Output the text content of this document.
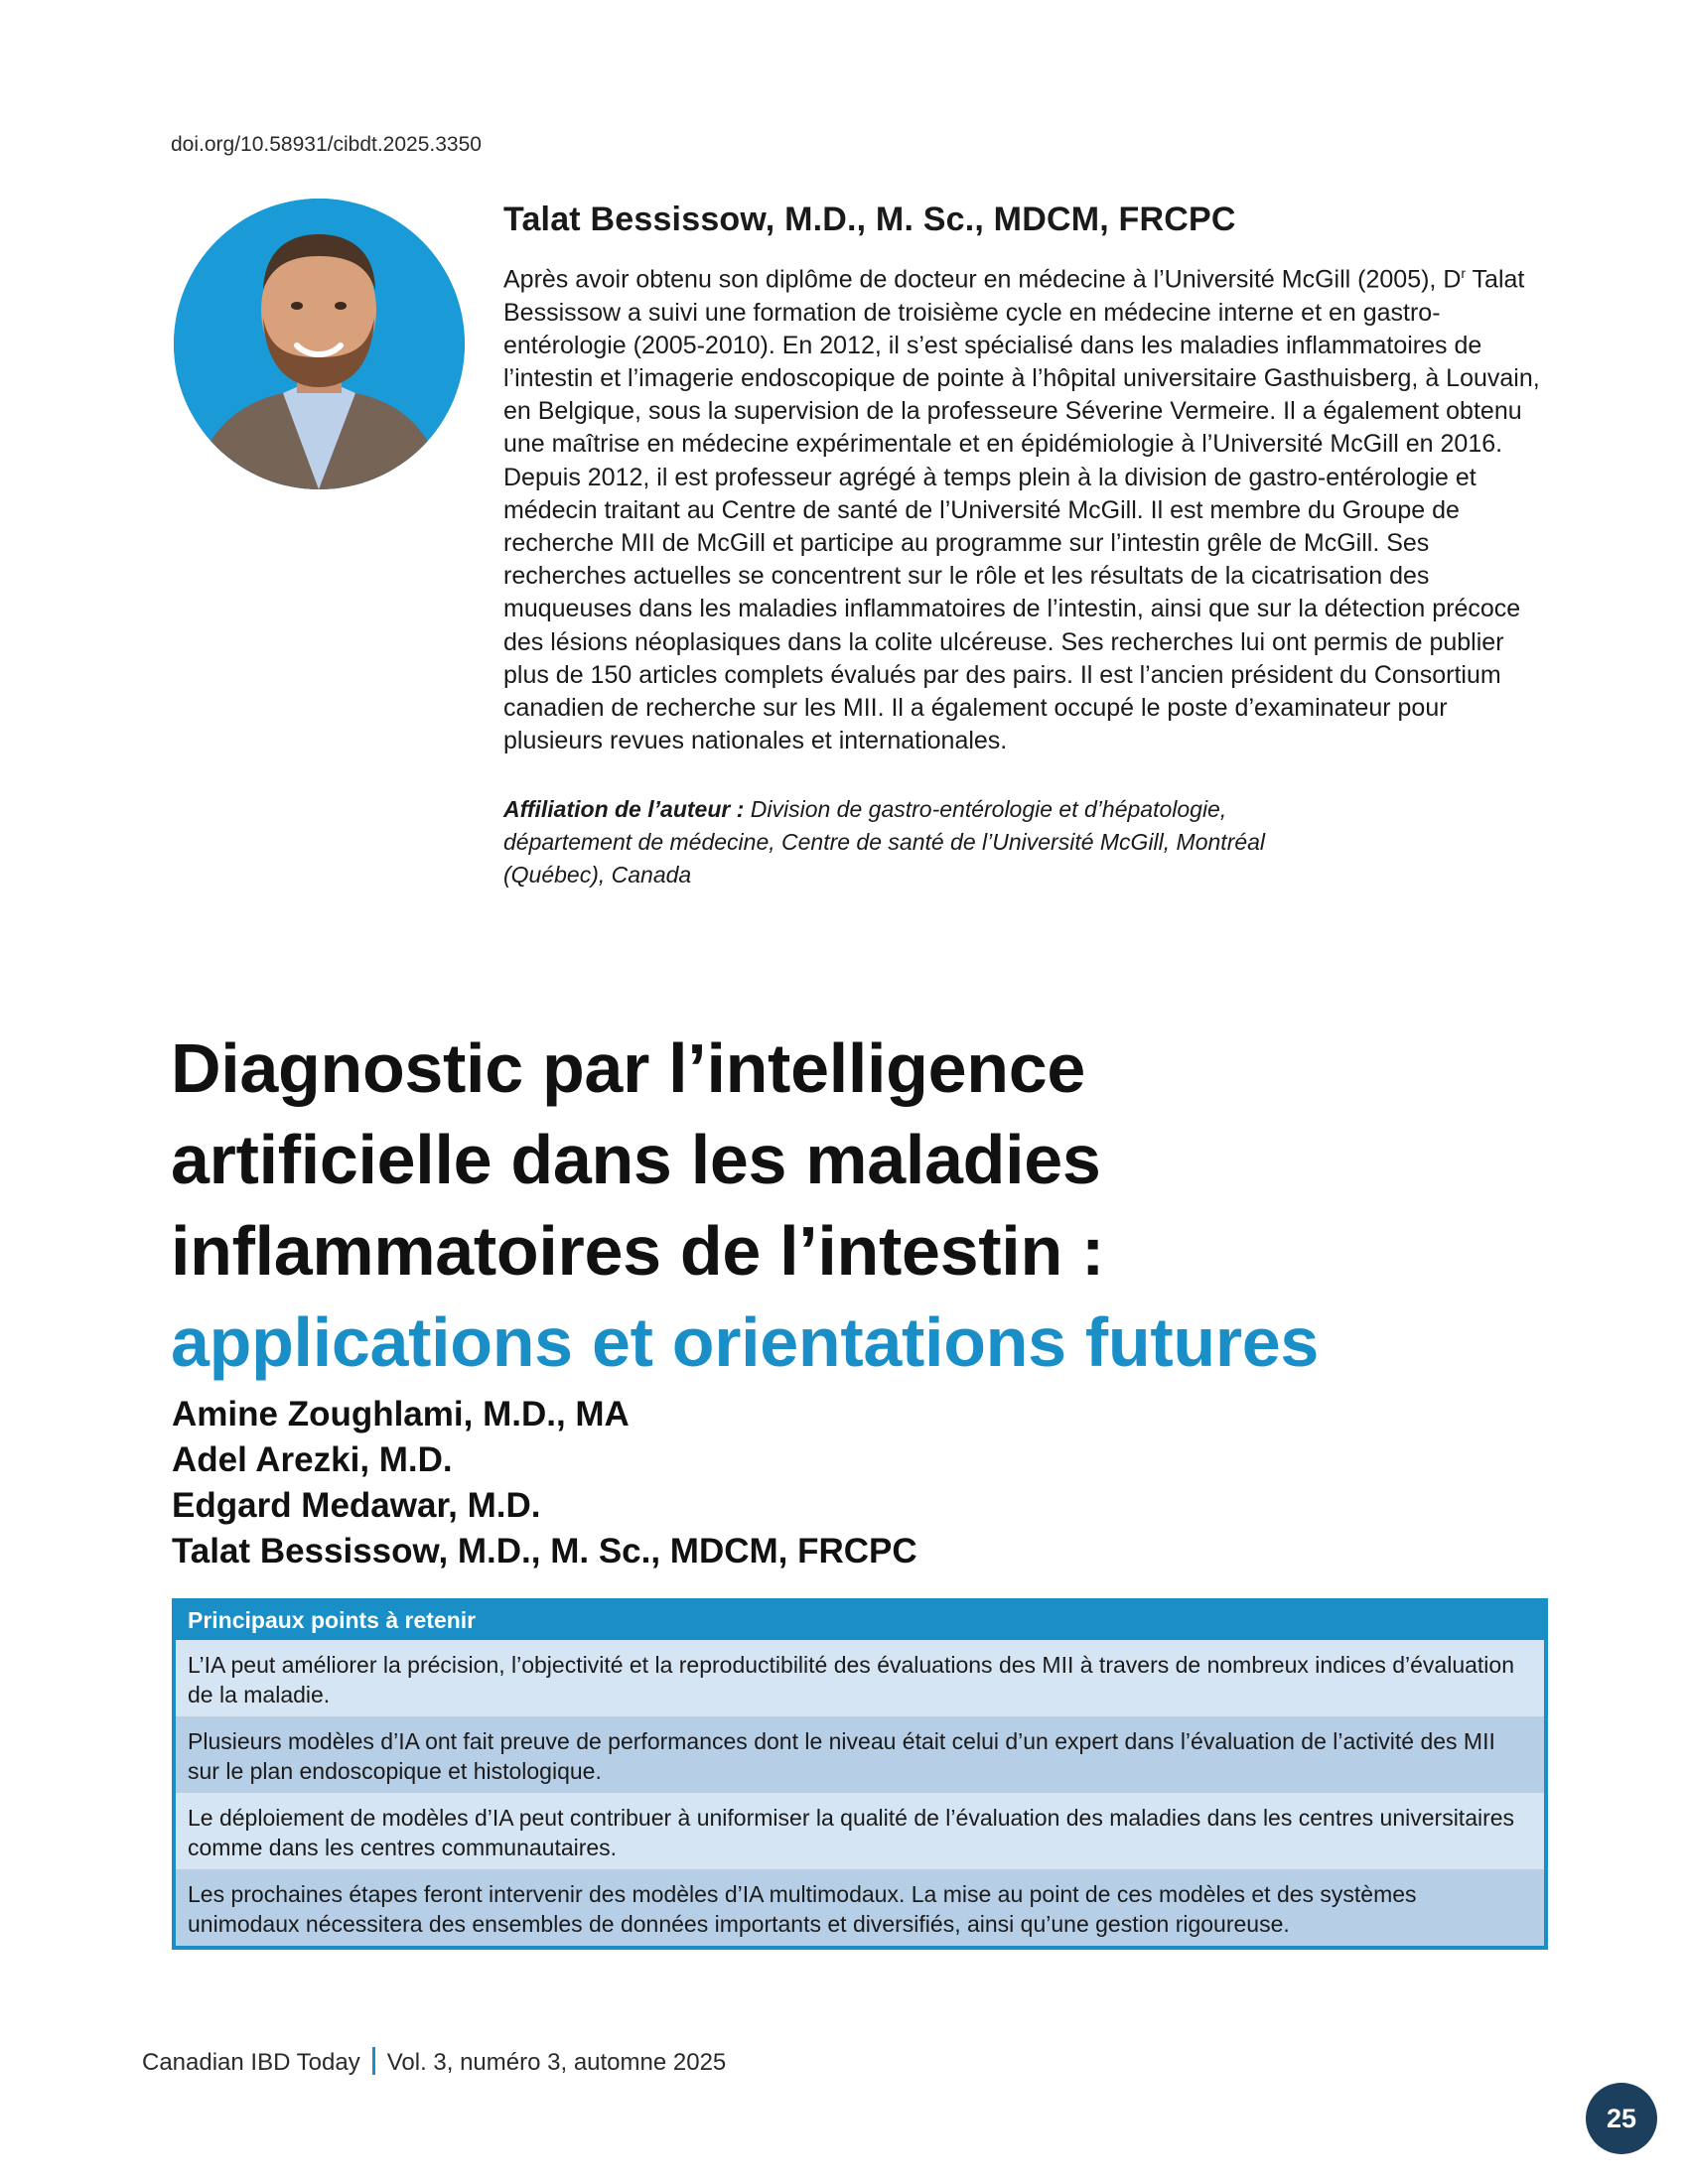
doi.org/10.58931/cibdt.2025.3350
Talat Bessissow, M.D., M. Sc., MDCM, FRCPC

Après avoir obtenu son diplôme de docteur en médecine à l’Université McGill (2005), $D^r$ Talat Bessissow a suivi une formation de troisième cycle en médecine interne et en gastro-entérologie (2005-2010). En 2012, il s’est spécialisé dans les maladies inflammatoires de l’intestin et l’imagerie endoscopique de pointe à l’hôpital universitaire Gasthuisberg, à Louvain, en Belgique, sous la supervision de la professeure Séverine Vermeire. Il a également obtenu une maîtrise en médecine expérimentale et en épidémiologie à l’Université McGill en 2016. Depuis 2012, il est professeur agrégé à temps plein à la division de gastro-entérologie et médecin traitant au Centre de santé de l’Université McGill. Il est membre du Groupe de recherche MII de McGill et participe au programme sur l’intestin grêle de McGill. Ses recherches actuelles se concentrent sur le rôle et les résultats de la cicatrisation des muqueuses dans les maladies inflammatoires de l’intestin, ainsi que sur la détection précoce des lésions néoplasiques dans la colite ulcéreuse. Ses recherches lui ont permis de publier plus de 150 articles complets évalués par des pairs. Il est l’ancien président du Consortium canadien de recherche sur les MII. Il a également occupé le poste d’examinateur pour plusieurs revues nationales et internationales.

Affiliation de l’auteur : Division de gastro-entérologie et d’hépatologie, département de médecine, Centre de santé de l’Université McGill, Montréal (Québec), Canada
Diagnostic par l’intelligence
artificielle dans les maladies
inflammatoires de l’intestin :
applications et orientations futures
Amine Zoughlami, M.D., MA
Adel Arezki, M.D.
Edgard Medawar, M.D.
Talat Bessissow, M.D., M. Sc., MDCM, FRCPC
Principaux points à retenir
L’IA peut améliorer la précision, l’objectivité et la reproductibilité des évaluations des MII à travers de nombreux indices d’évaluation de la maladie.
Plusieurs modèles d’IA ont fait preuve de performances dont le niveau était celui d’un expert dans l’évaluation de l’activité des MII sur le plan endoscopique et histologique.
Le déploiement de modèles d’IA peut contribuer à uniformiser la qualité de l’évaluation des maladies dans les centres universitaires comme dans les centres communautaires.
Les prochaines étapes feront intervenir des modèles d’IA multimodaux. La mise au point de ces modèles et des systèmes unimodaux nécessitera des ensembles de données importants et diversifiés, ainsi qu’une gestion rigoureuse.
Canadian IBD Today Vol. 3, numéro 3, automne 2025
25
